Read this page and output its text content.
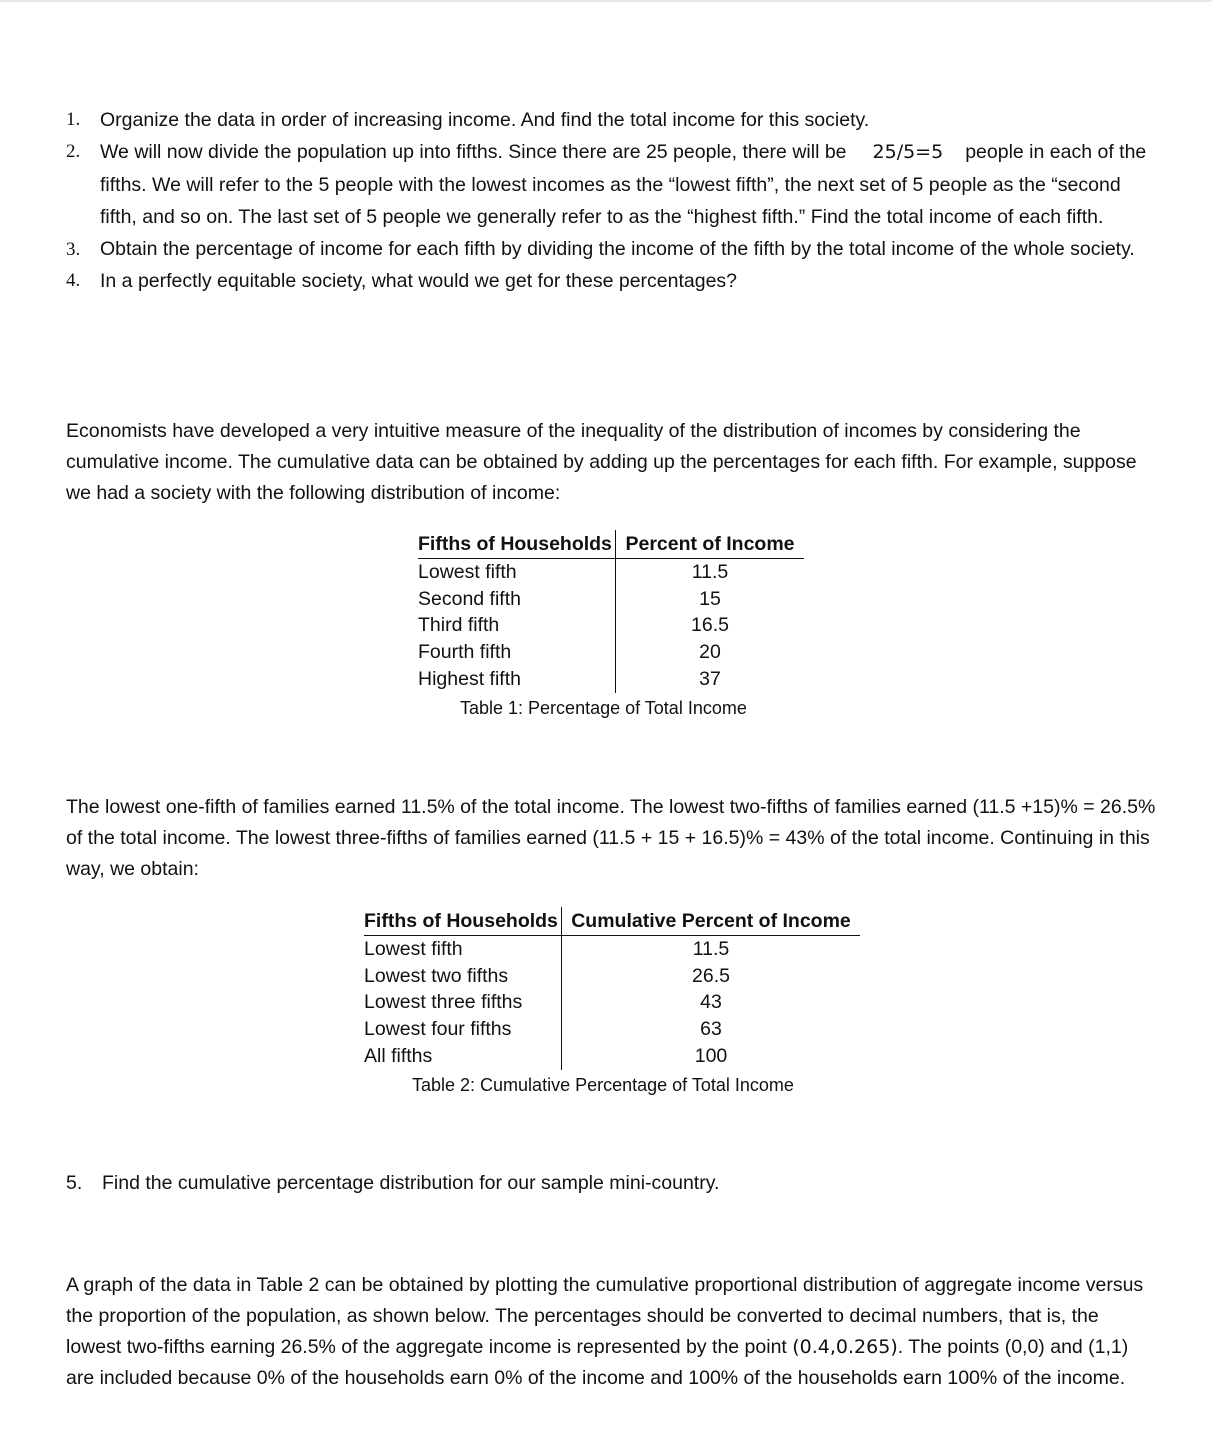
1. Organize the data in order of increasing income. And find the total income for this society.
2. We will now divide the population up into fifths. Since there are 25 people, there will be 25/5=5 people in each of the fifths. We will refer to the 5 people with the lowest incomes as the “lowest fifth”, the next set of 5 people as the “second fifth, and so on. The last set of 5 people we generally refer to as the “highest fifth.” Find the total income of each fifth.
3. Obtain the percentage of income for each fifth by dividing the income of the fifth by the total income of the whole society.
4. In a perfectly equitable society, what would we get for these percentages?
Economists have developed a very intuitive measure of the inequality of the distribution of incomes by considering the cumulative income. The cumulative data can be obtained by adding up the percentages for each fifth. For example, suppose we had a society with the following distribution of income:
Fifths of Households	Percent of Income
Lowest fifth	11.5
Second fifth	15
Third fifth	16.5
Fourth fifth	20
Highest fifth	37
Table 1: Percentage of Total Income
The lowest one-fifth of families earned 11.5% of the total income. The lowest two-fifths of families earned (11.5 +15)% = 26.5% of the total income. The lowest three-fifths of families earned (11.5 + 15 + 16.5)% = 43% of the total income. Continuing in this way, we obtain:
Fifths of Households	Cumulative Percent of Income
Lowest fifth	11.5
Lowest two fifths	26.5
Lowest three fifths	43
Lowest four fifths	63
All fifths	100
Table 2: Cumulative Percentage of Total Income
5. Find the cumulative percentage distribution for our sample mini-country.
A graph of the data in Table 2 can be obtained by plotting the cumulative proportional distribution of aggregate income versus the proportion of the population, as shown below. The percentages should be converted to decimal numbers, that is, the lowest two-fifths earning 26.5% of the aggregate income is represented by the point (0.4,0.265). The points (0,0) and (1,1) are included because 0% of the households earn 0% of the income and 100% of the households earn 100% of the income.
